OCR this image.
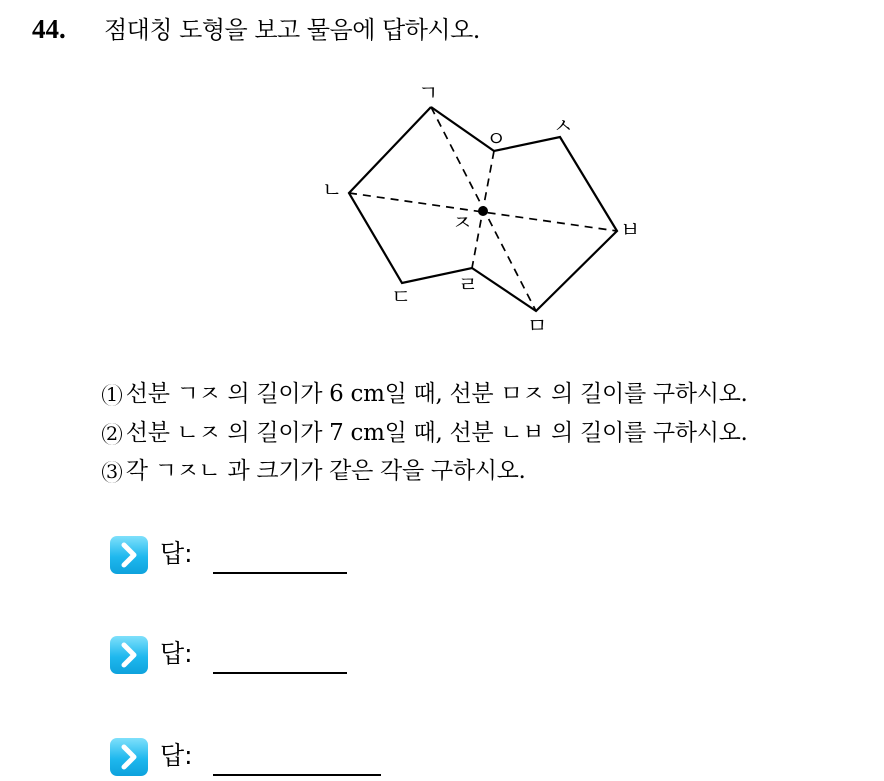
44. 점대칭 도형을 보고 물음에 답하시오.
ㄱ
ㅇ
ㅅ
ㄴ
ㅈ	ㅂ
ㄹ
ㄷ
ㅁ
1 선분 ㄱㅈ 의 길이가 6 cm일 때, 선분 ㅁㅈ 의 길이를 구하시오.
2 선분 ㄴㅈ 의 길이가 7 cm일 때, 선분 ㄴㅂ 의 길이를 구하시오.
3 각 ㄱㅈㄴ 과 크기가 같은 각을 구하시오.
답:
답:
답:
